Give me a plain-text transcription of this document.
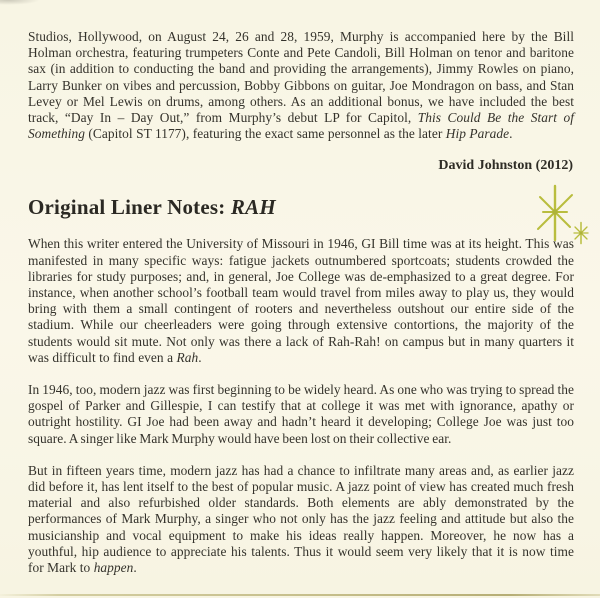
Studios, Hollywood, on August 24, 26 and 28, 1959, Murphy is accompanied here by the Bill Holman orchestra, featuring trumpeters Conte and Pete Candoli, Bill Holman on tenor and baritone sax (in addition to conducting the band and providing the arrangements), Jimmy Rowles on piano, Larry Bunker on vibes and percussion, Bobby Gibbons on guitar, Joe Mondragon on bass, and Stan Levey or Mel Lewis on drums, among others. As an additional bonus, we have included the best track, “Day In – Day Out,” from Murphy’s debut LP for Capitol, This Could Be the Start of Something (Capitol ST 1177), featuring the exact same personnel as the later Hip Parade.

David Johnston (2012)

Original Liner Notes: RAH

When this writer entered the University of Missouri in 1946, GI Bill time was at its height. This was manifested in many specific ways: fatigue jackets outnumbered sportcoats; students crowded the libraries for study purposes; and, in general, Joe College was de-emphasized to a great degree. For instance, when another school’s football team would travel from miles away to play us, they would bring with them a small contingent of rooters and nevertheless outshout our entire side of the stadium. While our cheerleaders were going through extensive contortions, the majority of the students would sit mute. Not only was there a lack of Rah-Rah! on campus but in many quarters it was difficult to find even a Rah.

In 1946, too, modern jazz was first beginning to be widely heard. As one who was trying to spread the gospel of Parker and Gillespie, I can testify that at college it was met with ignorance, apathy or outright hostility. GI Joe had been away and hadn’t heard it developing; College Joe was just too square. A singer like Mark Murphy would have been lost on their collective ear.

But in fifteen years time, modern jazz has had a chance to infiltrate many areas and, as earlier jazz did before it, has lent itself to the best of popular music. A jazz point of view has created much fresh material and also refurbished older standards. Both elements are ably demonstrated by the performances of Mark Murphy, a singer who not only has the jazz feeling and attitude but also the musicianship and vocal equipment to make his ideas really happen. Moreover, he now has a youthful, hip audience to appreciate his talents. Thus it would seem very likely that it is now time for Mark to happen.
